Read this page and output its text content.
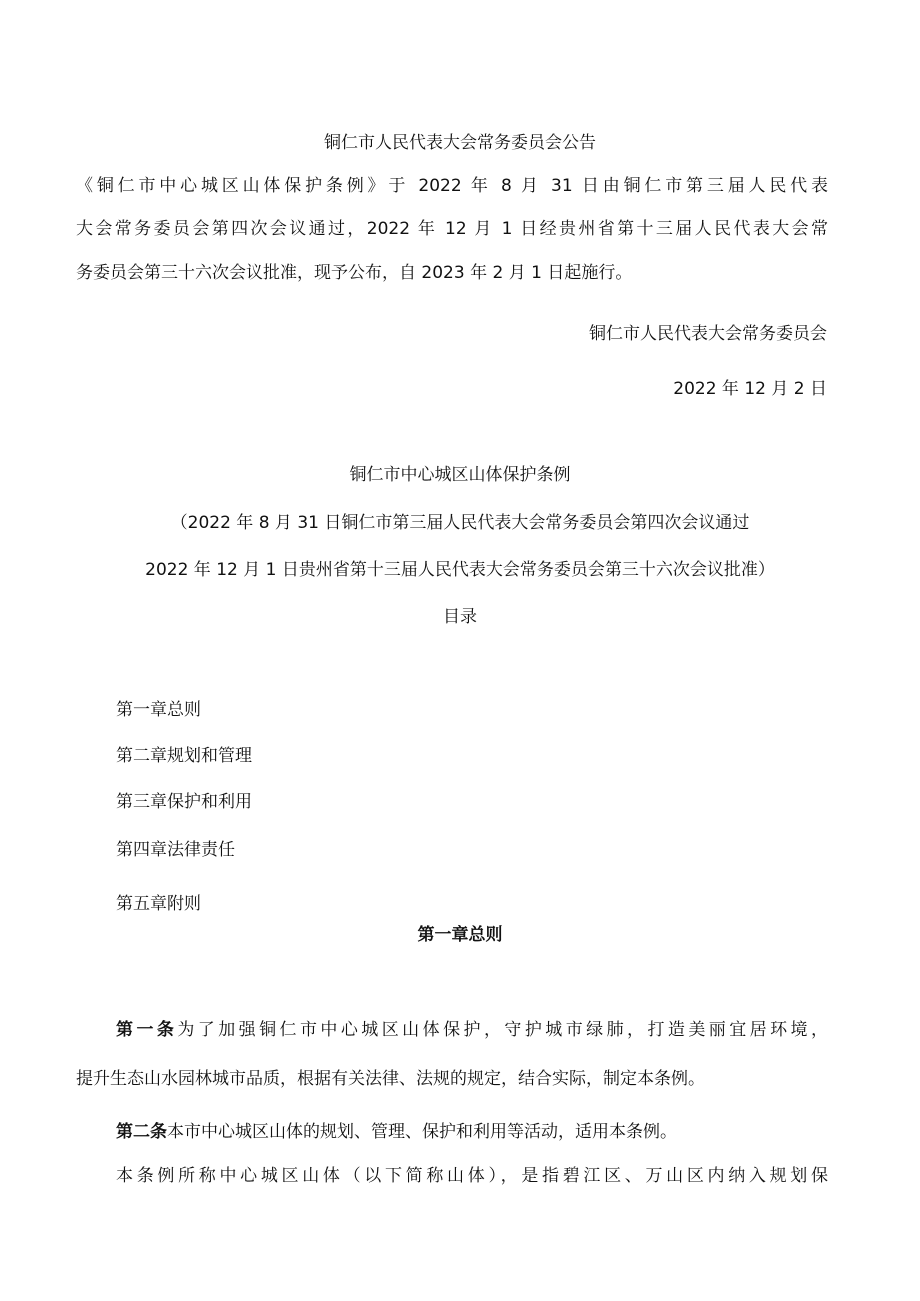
铜仁市人民代表大会常务委员会公告
《铜仁市中心城区山体保护条例》于 2022 年 8 月 31 日由铜仁市第三届人民代表
大会常务委员会第四次会议通过，2022 年 12 月 1 日经贵州省第十三届人民代表大会常
务委员会第三十六次会议批准，现予公布，自 2023 年 2 月 1 日起施行。
铜仁市人民代表大会常务委员会
2022 年 12 月 2 日
铜仁市中心城区山体保护条例
（2022 年 8 月 31 日铜仁市第三届人民代表大会常务委员会第四次会议通过
2022 年 12 月 1 日贵州省第十三届人民代表大会常务委员会第三十六次会议批准）
目录
第一章总则
第二章规划和管理
第三章保护和利用
第四章法律责任
第五章附则
第一章总则
第一条为了加强铜仁市中心城区山体保护，守护城市绿肺，打造美丽宜居环境，
提升生态山水园林城市品质，根据有关法律、法规的规定，结合实际，制定本条例。
第二条本市中心城区山体的规划、管理、保护和利用等活动，适用本条例。
本条例所称中心城区山体（以下简称山体），是指碧江区、万山区内纳入规划保
